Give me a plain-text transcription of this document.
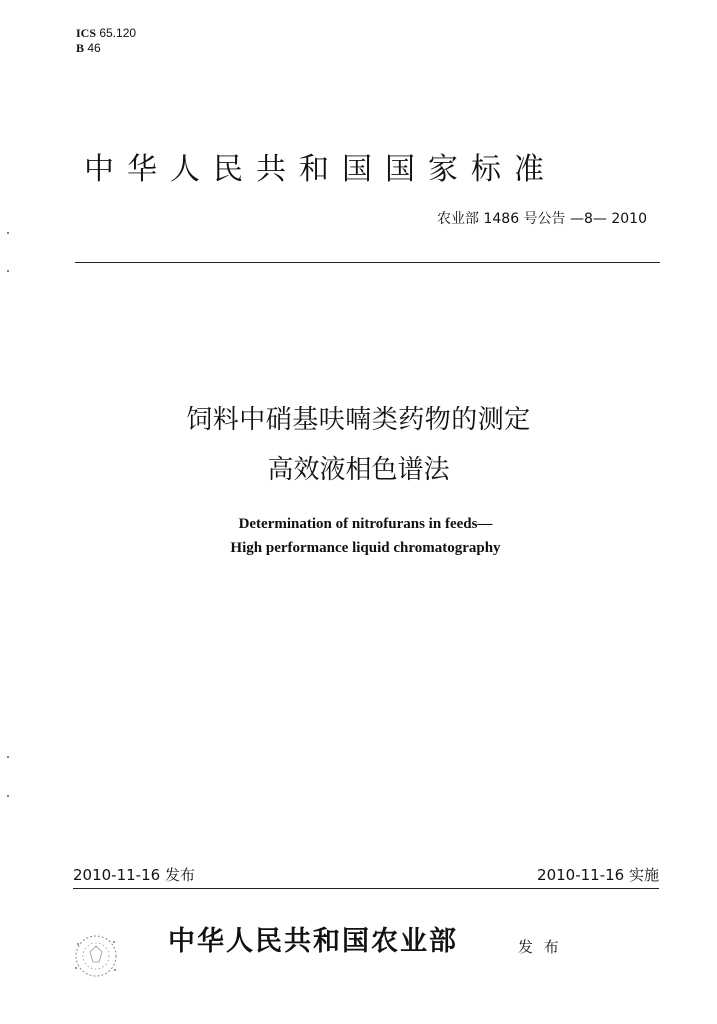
ICS 65.120
B 46
中华人民共和国国家标准
农业部 1486 号公告 —8— 2010
饲料中硝基呋喃类药物的测定
高效液相色谱法
Determination of nitrofurans in feeds—
High performance liquid chromatography
2010-11-16 发布	2010-11-16 实施
中华人民共和国农业部	发 布
